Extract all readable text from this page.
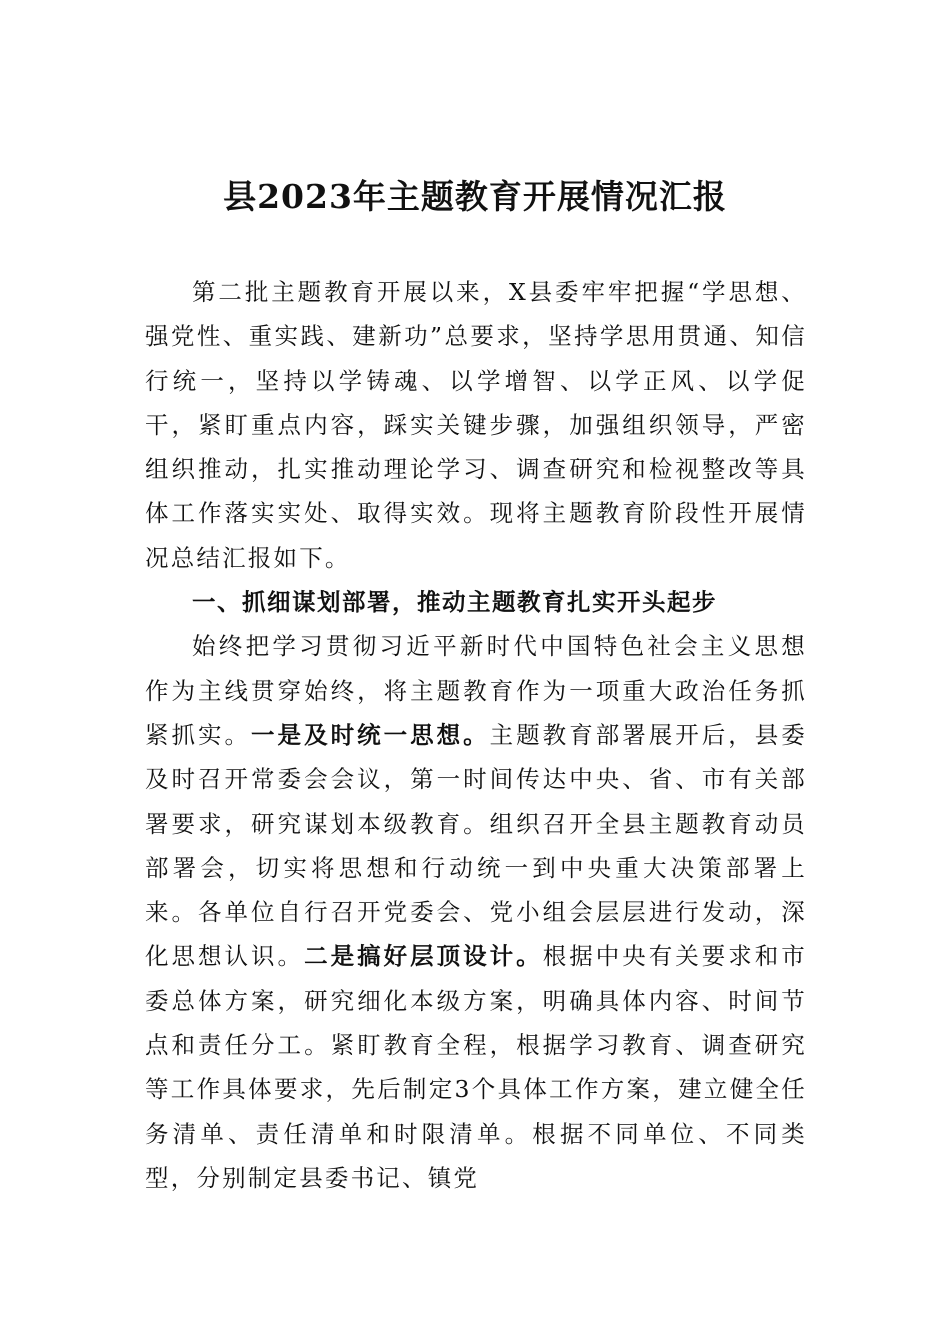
县2023年主题教育开展情况汇报

第二批主题教育开展以来，X县委牢牢把握“学思想、强党性、重实践、建新功”总要求，坚持学思用贯通、知信行统一，坚持以学铸魂、以学增智、以学正风、以学促干，紧盯重点内容，踩实关键步骤，加强组织领导，严密组织推动，扎实推动理论学习、调查研究和检视整改等具体工作落实实处、取得实效。现将主题教育阶段性开展情况总结汇报如下。

一、抓细谋划部署，推动主题教育扎实开头起步

始终把学习贯彻习近平新时代中国特色社会主义思想作为主线贯穿始终，将主题教育作为一项重大政治任务抓紧抓实。一是及时统一思想。主题教育部署展开后，县委及时召开常委会会议，第一时间传达中央、省、市有关部署要求，研究谋划本级教育。组织召开全县主题教育动员部署会，切实将思想和行动统一到中央重大决策部署上来。各单位自行召开党委会、党小组会层层进行发动，深化思想认识。二是搞好层顶设计。根据中央有关要求和市委总体方案，研究细化本级方案，明确具体内容、时间节点和责任分工。紧盯教育全程，根据学习教育、调查研究等工作具体要求，先后制定3个具体工作方案，建立健全任务清单、责任清单和时限清单。根据不同单位、不同类型，分别制定县委书记、镇党
